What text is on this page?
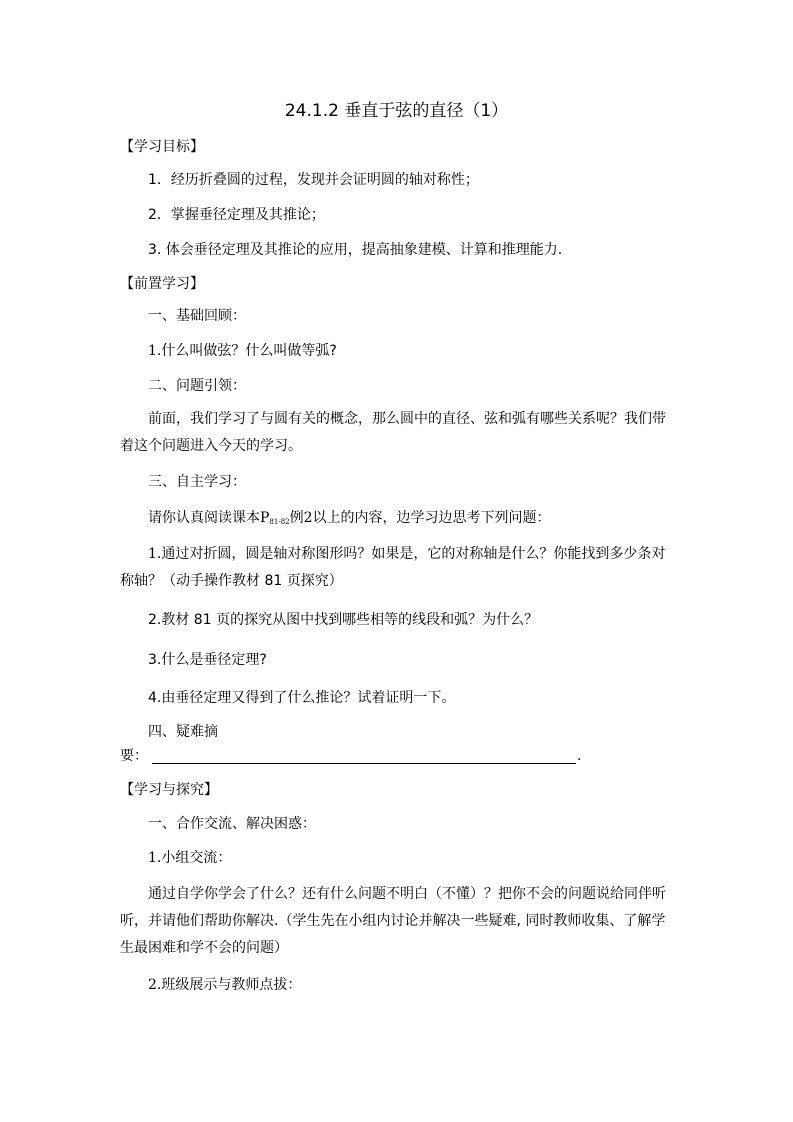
24.1.2 垂直于弦的直径（1）
【学习目标】
1．经历折叠圆的过程，发现并会证明圆的轴对称性；
2．掌握垂径定理及其推论；
3. 体会垂径定理及其推论的应用，提高抽象建模、计算和推理能力.
【前置学习】
一、基础回顾：
1.什么叫做弦？什么叫做等弧?
二、问题引领：
前面，我们学习了与圆有关的概念，那么圆中的直径、弦和弧有哪些关系呢？我们带着这个问题进入今天的学习。
三、自主学习：
请你认真阅读课本$P_{81-82}$例2以上的内容，边学习边思考下列问题：
1.通过对折圆，圆是轴对称图形吗？如果是，它的对称轴是什么？你能找到多少条对称轴？（动手操作教材 81 页探究）
2.教材 81 页的探究从图中找到哪些相等的线段和弧？为什么？
3.什么是垂径定理?
4.由垂径定理又得到了什么推论？试着证明一下。
四、疑难摘
要：	.
【学习与探究】
一、合作交流、解决困惑：
1.小组交流：
通过自学你学会了什么？还有什么问题不明白（不懂）？把你不会的问题说给同伴听听，并请他们帮助你解决.（学生先在小组内讨论并解决一些疑难, 同时教师收集、了解学生最困难和学不会的问题）
2.班级展示与教师点拔：
